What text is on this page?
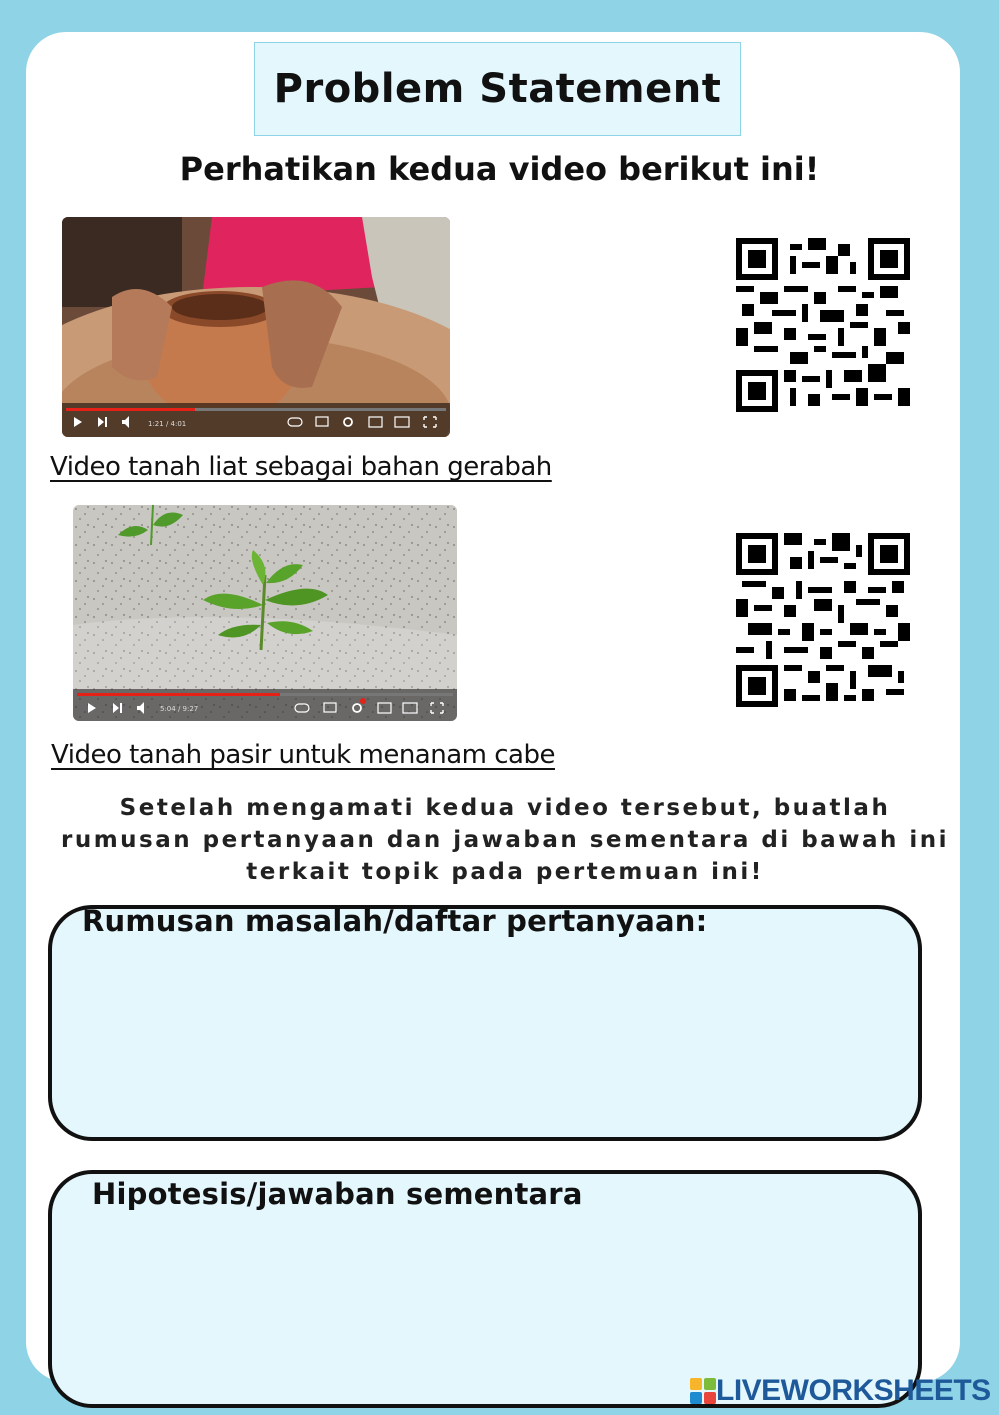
Problem Statement
Perhatikan kedua video berikut ini!
1:21 / 4:01
Video tanah liat sebagai bahan gerabah
5:04 / 9:27
Video tanah pasir untuk menanam cabe
Setelah mengamati kedua video tersebut, buatlah rumusan pertanyaan dan jawaban sementara di bawah ini terkait topik pada pertemuan ini!
Rumusan masalah/daftar pertanyaan:
Hipotesis/jawaban sementara
LIVEWORKSHEETS
